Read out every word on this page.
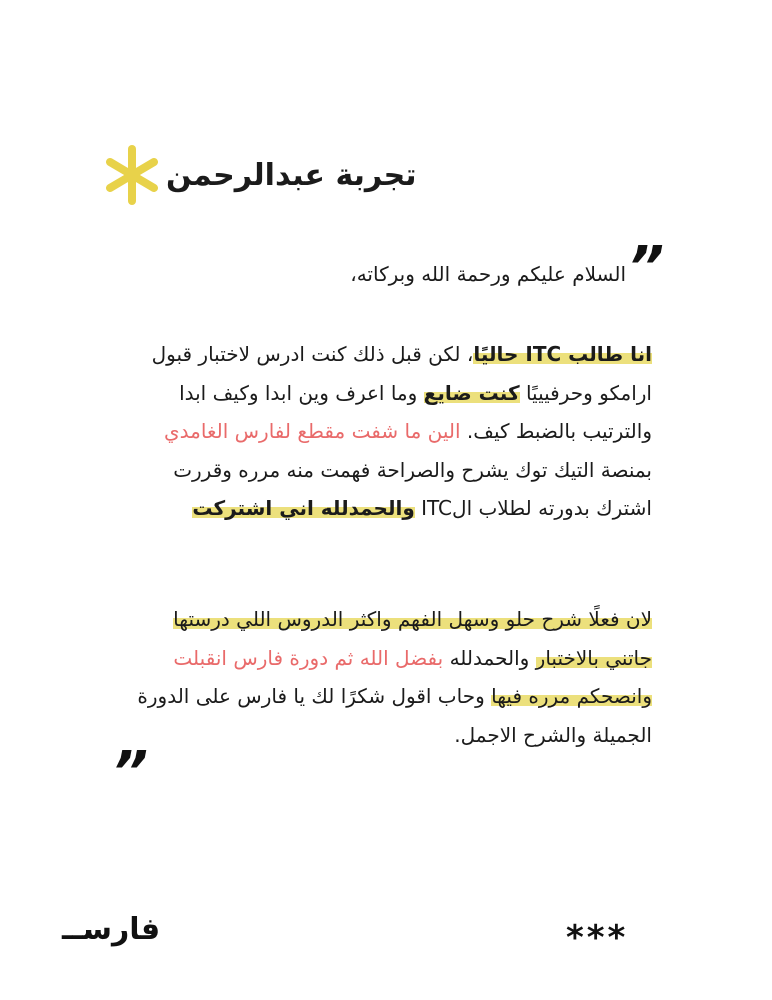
تجربة عبدالرحمن
”
السلام عليكم ورحمة الله وبركاته،

انا طالب ITC حاليًا، لكن قبل ذلك كنت ادرس لاختبار قبول ارامكو وحرفيييًا كنت ضايع وما اعرف وين ابدا وكيف ابدا والترتيب بالضبط كيف. الين ما شفت مقطع لفارس الغامدي بمنصة التيك توك يشرح والصراحة فهمت منه مرره وقررت اشترك بدورته لطلاب الITC والحمدلله اني اشتركت

لان فعلًا شرح حلو وسهل الفهم واكثر الدروس اللي درستها جاتني بالاختبار والحمدلله بفضل الله ثم دورة فارس انقبلت وانصحكم مرره فيها وحاب اقول شكرًا لك يا فارس على الدورة الجميلة والشرح الاجمل.

”
فارســ	***
